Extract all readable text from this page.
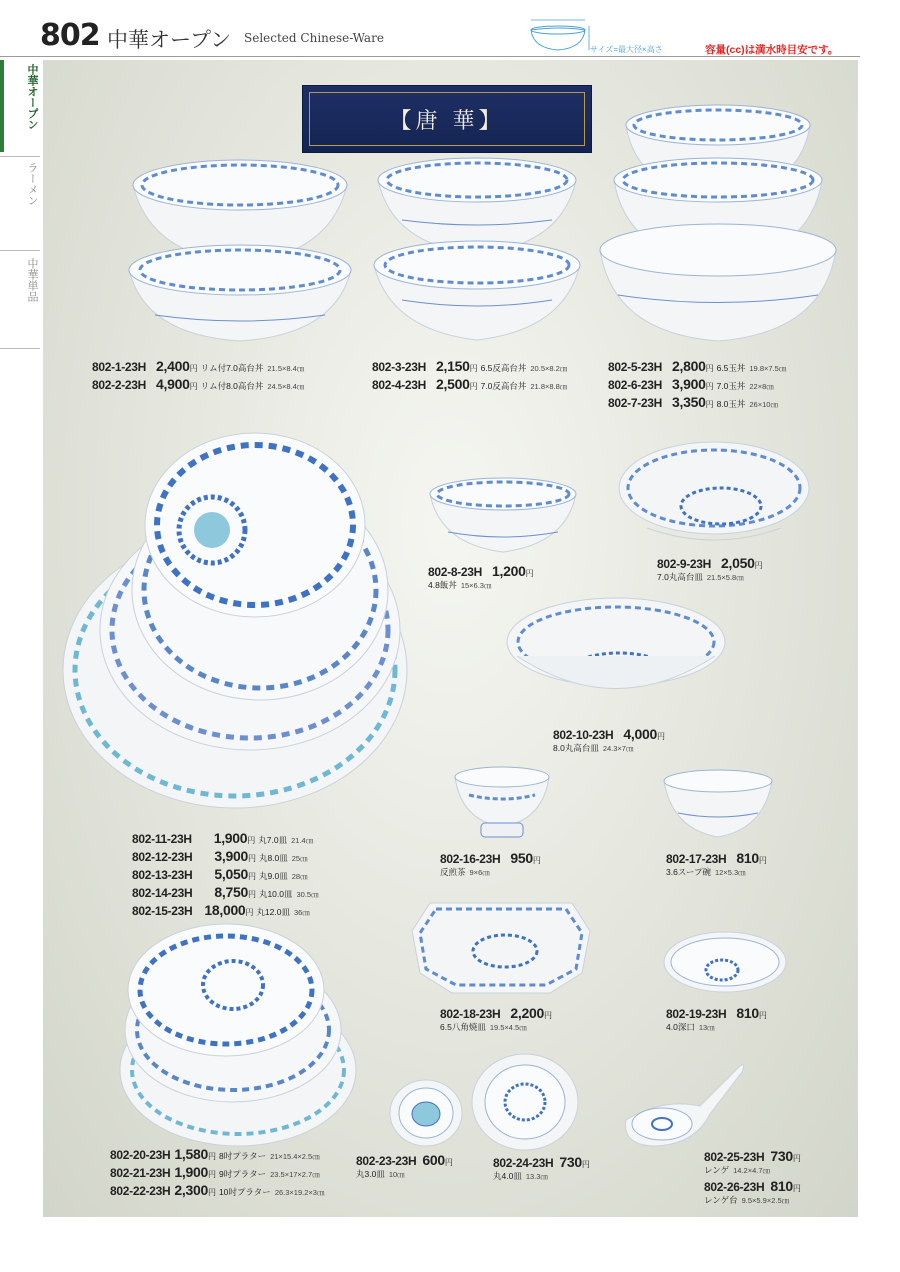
802 中華オープン Selected Chinese-Ware
サイズ=最大径×高さ	容量(cc)は満水時目安です。
中華オープン
ラーメン
中華単品
【唐 華】
802-1-23H 2,400円 リム付7.0高台丼 21.5×8.4㎝
802-2-23H 4,900円 リム付8.0高台丼 24.5×8.4㎝
802-3-23H 2,150円 6.5反高台丼 20.5×8.2㎝
802-4-23H 2,500円 7.0反高台丼 21.8×8.8㎝
802-5-23H 2,800円 6.5玉丼 19.8×7.5㎝
802-6-23H 3,900円 7.0玉丼 22×8㎝
802-7-23H 3,350円 8.0玉丼 26×10㎝
802-8-23H 1,200円
4.8飯丼 15×6.3㎝
802-9-23H 2,050円
7.0丸高台皿 21.5×5.8㎝
802-10-23H 4,000円
8.0丸高台皿 24.3×7㎝
802-11-23H 1,900円 丸7.0皿 21.4㎝
802-12-23H 3,900円 丸8.0皿 25㎝
802-13-23H 5,050円 丸9.0皿 28㎝
802-14-23H 8,750円 丸10.0皿 30.5㎝
802-15-23H 18,000円 丸12.0皿 36㎝
802-16-23H 950円
反煎茶 9×6㎝
802-17-23H 810円
3.6スープ碗 12×5.3㎝
802-18-23H 2,200円
6.5八角焼皿 19.5×4.5㎝
802-19-23H 810円
4.0深口 13㎝
802-20-23H 1,580円 8吋プラター 21×15.4×2.5㎝
802-21-23H 1,900円 9吋プラター 23.5×17×2.7㎝
802-22-23H 2,300円 10吋プラター 26.3×19.2×3㎝
802-23-23H 600円
丸3.0皿 10㎝
802-24-23H 730円
丸4.0皿 13.3㎝
802-25-23H 730円
レンゲ 14.2×4.7㎝
802-26-23H 810円
レンゲ台 9.5×5.9×2.5㎝
